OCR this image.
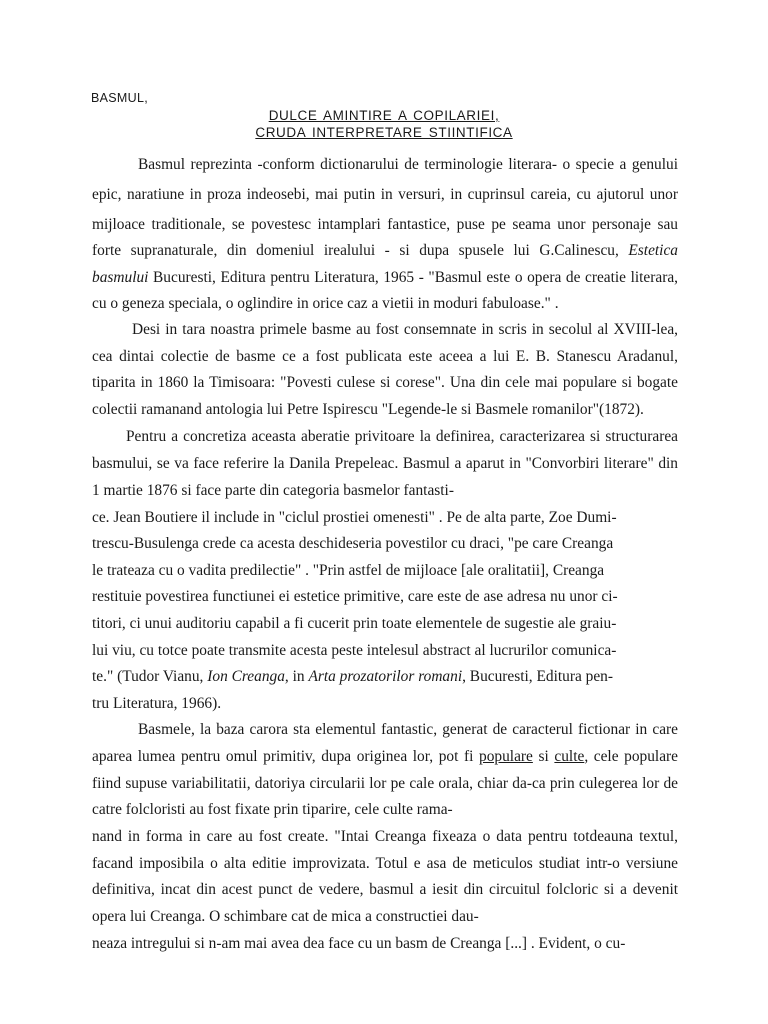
BASMUL,
DULCE AMINTIRE A COPILARIEI,
CRUDA INTERPRETARE STIINTIFICA
Basmul reprezinta -conform dictionarului de terminologie literara- o specie a genului
epic, naratiune in proza indeosebi, mai putin in versuri, in cuprinsul careia, cu ajutorul unor
mijloace traditionale, se povestesc intamplari fantastice, puse pe seama unor personaje sau
forte supranaturale, din domeniul irealului - si dupa spusele lui G.Calinescu, Estetica
basmului Bucuresti, Editura pentru Literatura, 1965 - "Basmul este o opera de creatie literara,
cu o geneza speciala, o oglindire in orice caz a vietii in moduri fabuloase." .
Desi in tara noastra primele basme au fost consemnate in scris in secolul al XVIII-lea,
cea dintai colectie de basme ce a fost publicata este aceea a lui E. B. Stanescu Aradanul,
tiparita in 1860 la Timisoara: "Povesti culese si corese". Una din cele mai populare si bogate
colectii ramanand antologia lui Petre Ispirescu "Legende-le si Basmele romanilor"(1872).
Pentru a concretiza aceasta aberatie privitoare la definirea, caracterizarea si structurarea
basmului, se va face referire la Danila Prepeleac. Basmul a aparut in "Convorbiri literare" din
1 martie 1876 si face parte din categoria basmelor fantasti-
ce. Jean Boutiere il include in "ciclul prostiei omenesti" . Pe de alta parte, Zoe Dumi-
trescu-Busulenga crede ca acesta deschideseria povestilor cu draci, "pe care Creanga
le trateaza cu o vadita predilectie" . "Prin astfel de mijloace [ale oralitatii], Creanga
restituie povestirea functiunei ei estetice primitive, care este de ase adresa nu unor ci-
titori, ci unui auditoriu capabil a fi cucerit prin toate elementele de sugestie ale graiu-
lui viu, cu totce poate transmite acesta peste intelesul abstract al lucrurilor comunica-
te." (Tudor Vianu, Ion Creanga, in Arta prozatorilor romani, Bucuresti, Editura pen-
tru Literatura, 1966).
Basmele, la baza carora sta elementul fantastic, generat de caracterul fictionar in care
aparea lumea pentru omul primitiv, dupa originea lor, pot fi populare si culte, cele populare
fiind supuse variabilitatii, datoriya circularii lor pe cale orala, chiar da-ca prin culegerea lor de
catre folcloristi au fost fixate prin tiparire, cele culte rama-
nand in forma in care au fost create. "Intai Creanga fixeaza o data pentru totdeauna textul,
facand imposibila o alta editie improvizata. Totul e asa de meticulos studiat intr-o versiune
definitiva, incat din acest punct de vedere, basmul a iesit din circuitul folcloric si a devenit
opera lui Creanga. O schimbare cat de mica a constructiei dau-
neaza intregului si n-am mai avea dea face cu un basm de Creanga [...] . Evident, o cu-
